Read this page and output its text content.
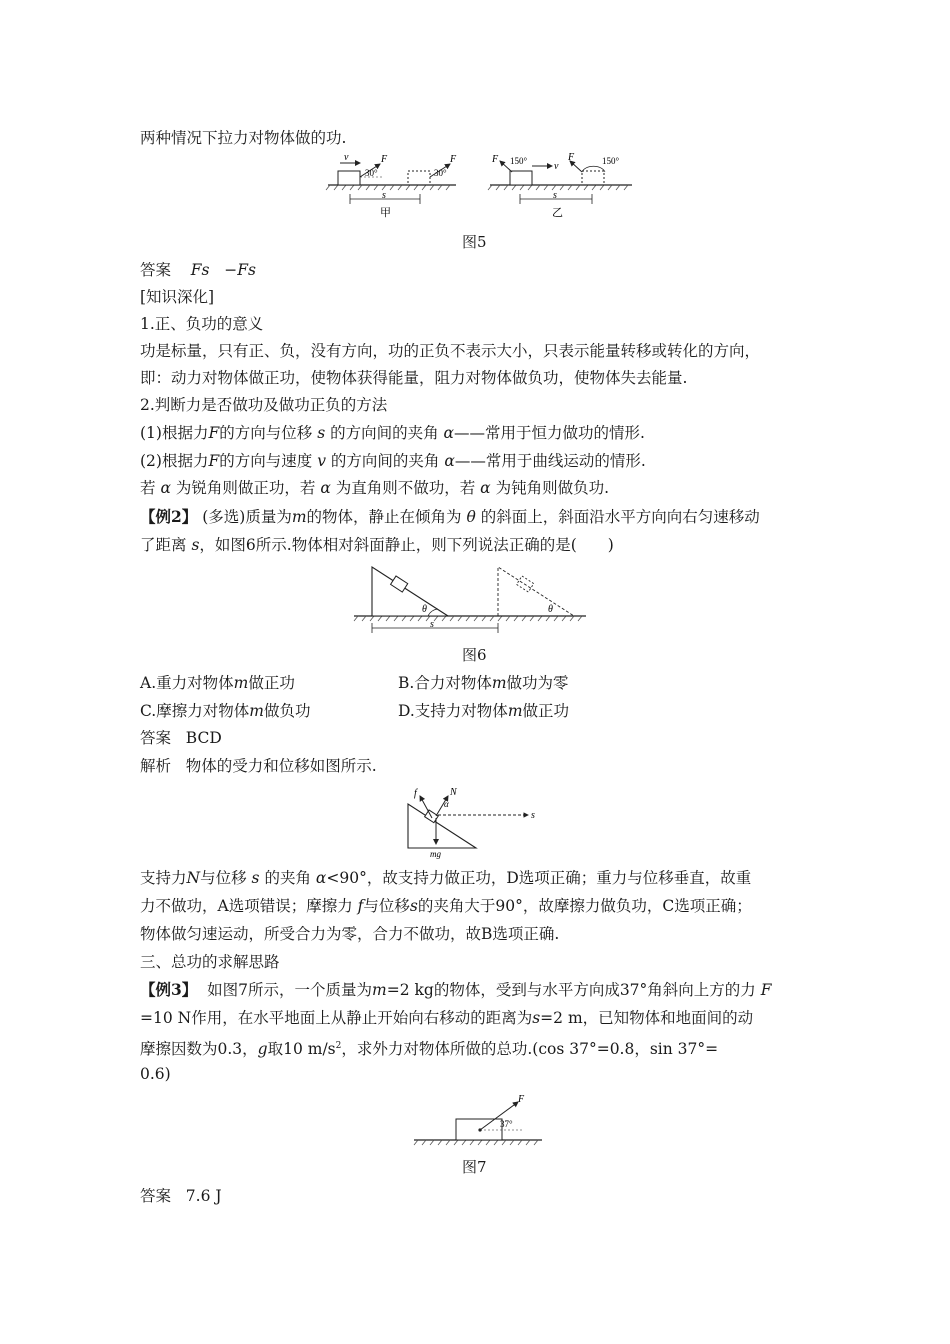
两种情况下拉力对物体做的功.
v	F
30°
F
30°
s
甲
F 150°	v
F	150°
s
乙
图5
答案 Fs −Fs
[知识深化]
1.正、负功的意义
功是标量，只有正、负，没有方向，功的正负不表示大小，只表示能量转移或转化的方向，
即：动力对物体做正功，使物体获得能量，阻力对物体做负功，使物体失去能量.
2.判断力是否做功及做功正负的方法
(1)根据力F的方向与位移 s 的方向间的夹角 α——常用于恒力做功的情形.
(2)根据力F的方向与速度 v 的方向间的夹角 α——常用于曲线运动的情形.
若 α 为锐角则做正功，若 α 为直角则不做功，若 α 为钝角则做负功.
【例2】 (多选)质量为m的物体，静止在倾角为 θ 的斜面上，斜面沿水平方向向右匀速移动
了距离 s，如图6所示.物体相对斜面静止，则下列说法正确的是(　　)
θ	θ
s
图6
A.重力对物体m做正功	B.合力对物体m做功为零
C.摩擦力对物体m做负功	D.支持力对物体m做正功
答案 BCD
解析 物体的受力和位移如图所示.
f	N
α
s
mg
支持力N与位移 s 的夹角 α<90°，故支持力做正功，D选项正确；重力与位移垂直，故重
力不做功，A选项错误；摩擦力 f与位移s的夹角大于90°，故摩擦力做负功，C选项正确；
物体做匀速运动，所受合力为零，合力不做功，故B选项正确.
三、总功的求解思路
【例3】 如图7所示，一个质量为m=2 kg的物体，受到与水平方向成37°角斜向上方的力 F
=10 N作用，在水平地面上从静止开始向右移动的距离为s=2 m，已知物体和地面间的动
摩擦因数为0.3，g取10 $m/s^2$，求外力对物体所做的总功.(cos 37°=0.8，sin 37°=
0.6)
F
37°
图7
答案 7.6 J
